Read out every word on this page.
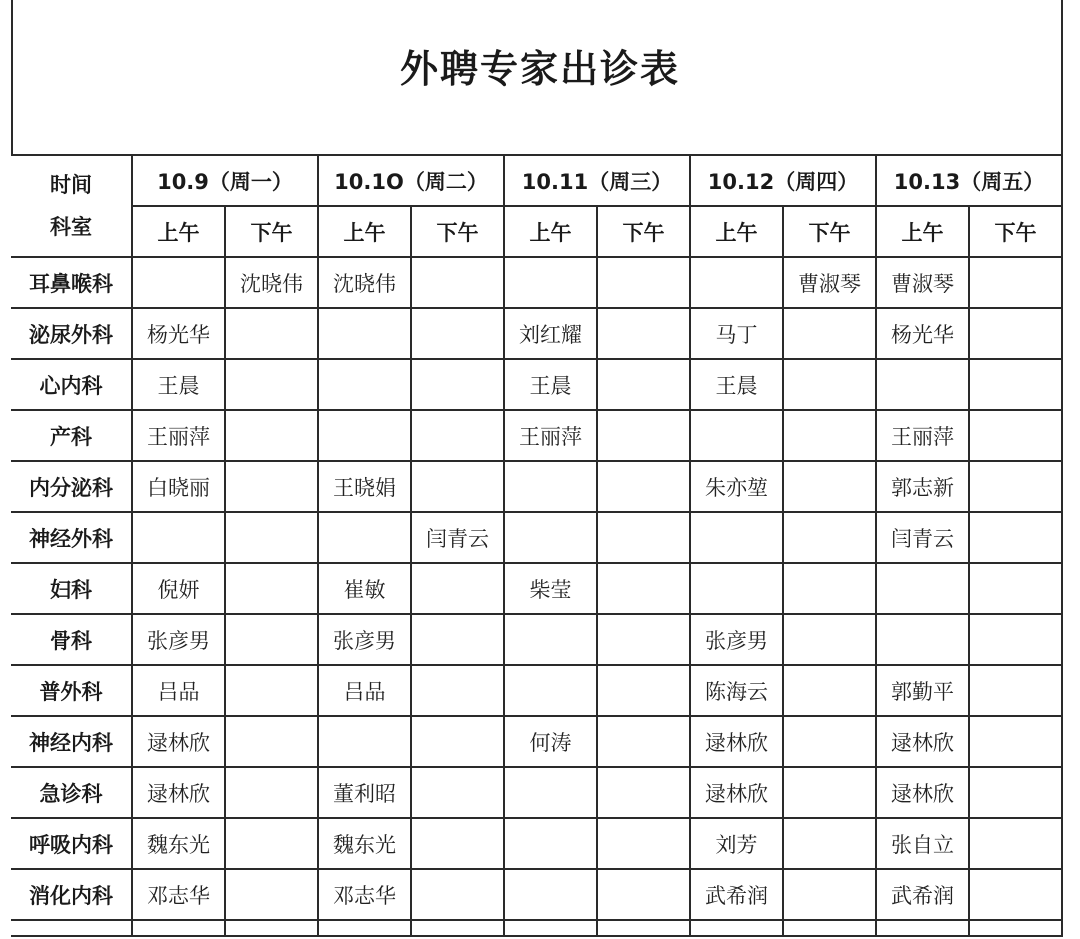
外聘专家出诊表
时间
科室	10.9（周一）		10.1O（周二）		10.11（周三）		10.12（周四）		10.13（周五）	
	上午	下午	上午	下午	上午	下午	上午	下午	上午	下午
耳鼻喉科		沈晓伟	沈晓伟					曹淑琴	曹淑琴	
泌尿外科	杨光华				刘红耀		马丁		杨光华	
心内科	王晨				王晨		王晨			
产科	王丽萍				王丽萍				王丽萍	
内分泌科	白晓丽		王晓娟				朱亦堃		郭志新	
神经外科				闫青云					闫青云	
妇科	倪妍		崔敏		柴莹					
骨科	张彦男		张彦男				张彦男			
普外科	吕品		吕品				陈海云		郭勤平	
神经内科	逯林欣				何涛		逯林欣		逯林欣	
急诊科	逯林欣		董利昭				逯林欣		逯林欣	
呼吸内科	魏东光		魏东光				刘芳		张自立	
消化内科	邓志华		邓志华				武希润		武希润	
